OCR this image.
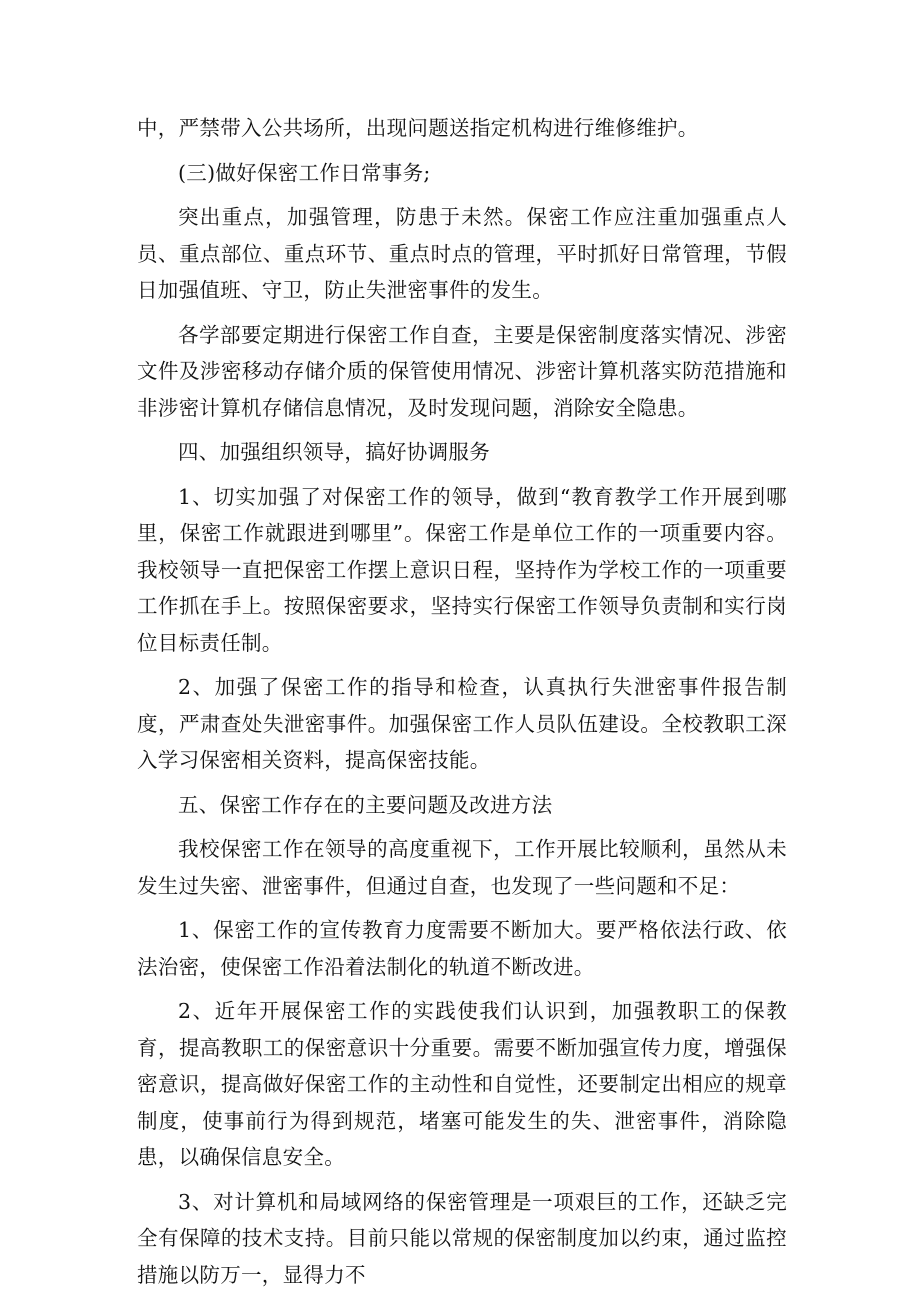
中，严禁带入公共场所，出现问题送指定机构进行维修维护。

(三)做好保密工作日常事务;

突出重点，加强管理，防患于未然。保密工作应注重加强重点人员、重点部位、重点环节、重点时点的管理，平时抓好日常管理，节假日加强值班、守卫，防止失泄密事件的发生。

各学部要定期进行保密工作自查，主要是保密制度落实情况、涉密文件及涉密移动存储介质的保管使用情况、涉密计算机落实防范措施和非涉密计算机存储信息情况，及时发现问题，消除安全隐患。

四、加强组织领导，搞好协调服务

1、切实加强了对保密工作的领导，做到“教育教学工作开展到哪里，保密工作就跟进到哪里”。保密工作是单位工作的一项重要内容。我校领导一直把保密工作摆上意识日程，坚持作为学校工作的一项重要工作抓在手上。按照保密要求，坚持实行保密工作领导负责制和实行岗位目标责任制。

2、加强了保密工作的指导和检查，认真执行失泄密事件报告制度，严肃查处失泄密事件。加强保密工作人员队伍建设。全校教职工深入学习保密相关资料，提高保密技能。

五、保密工作存在的主要问题及改进方法

我校保密工作在领导的高度重视下，工作开展比较顺利，虽然从未发生过失密、泄密事件，但通过自查，也发现了一些问题和不足：

1、保密工作的宣传教育力度需要不断加大。要严格依法行政、依法治密，使保密工作沿着法制化的轨道不断改进。

2、近年开展保密工作的实践使我们认识到，加强教职工的保教育，提高教职工的保密意识十分重要。需要不断加强宣传力度，增强保密意识，提高做好保密工作的主动性和自觉性，还要制定出相应的规章制度，使事前行为得到规范，堵塞可能发生的失、泄密事件，消除隐患，以确保信息安全。

3、对计算机和局域网络的保密管理是一项艰巨的工作，还缺乏完全有保障的技术支持。目前只能以常规的保密制度加以约束，通过监控措施以防万一，显得力不
